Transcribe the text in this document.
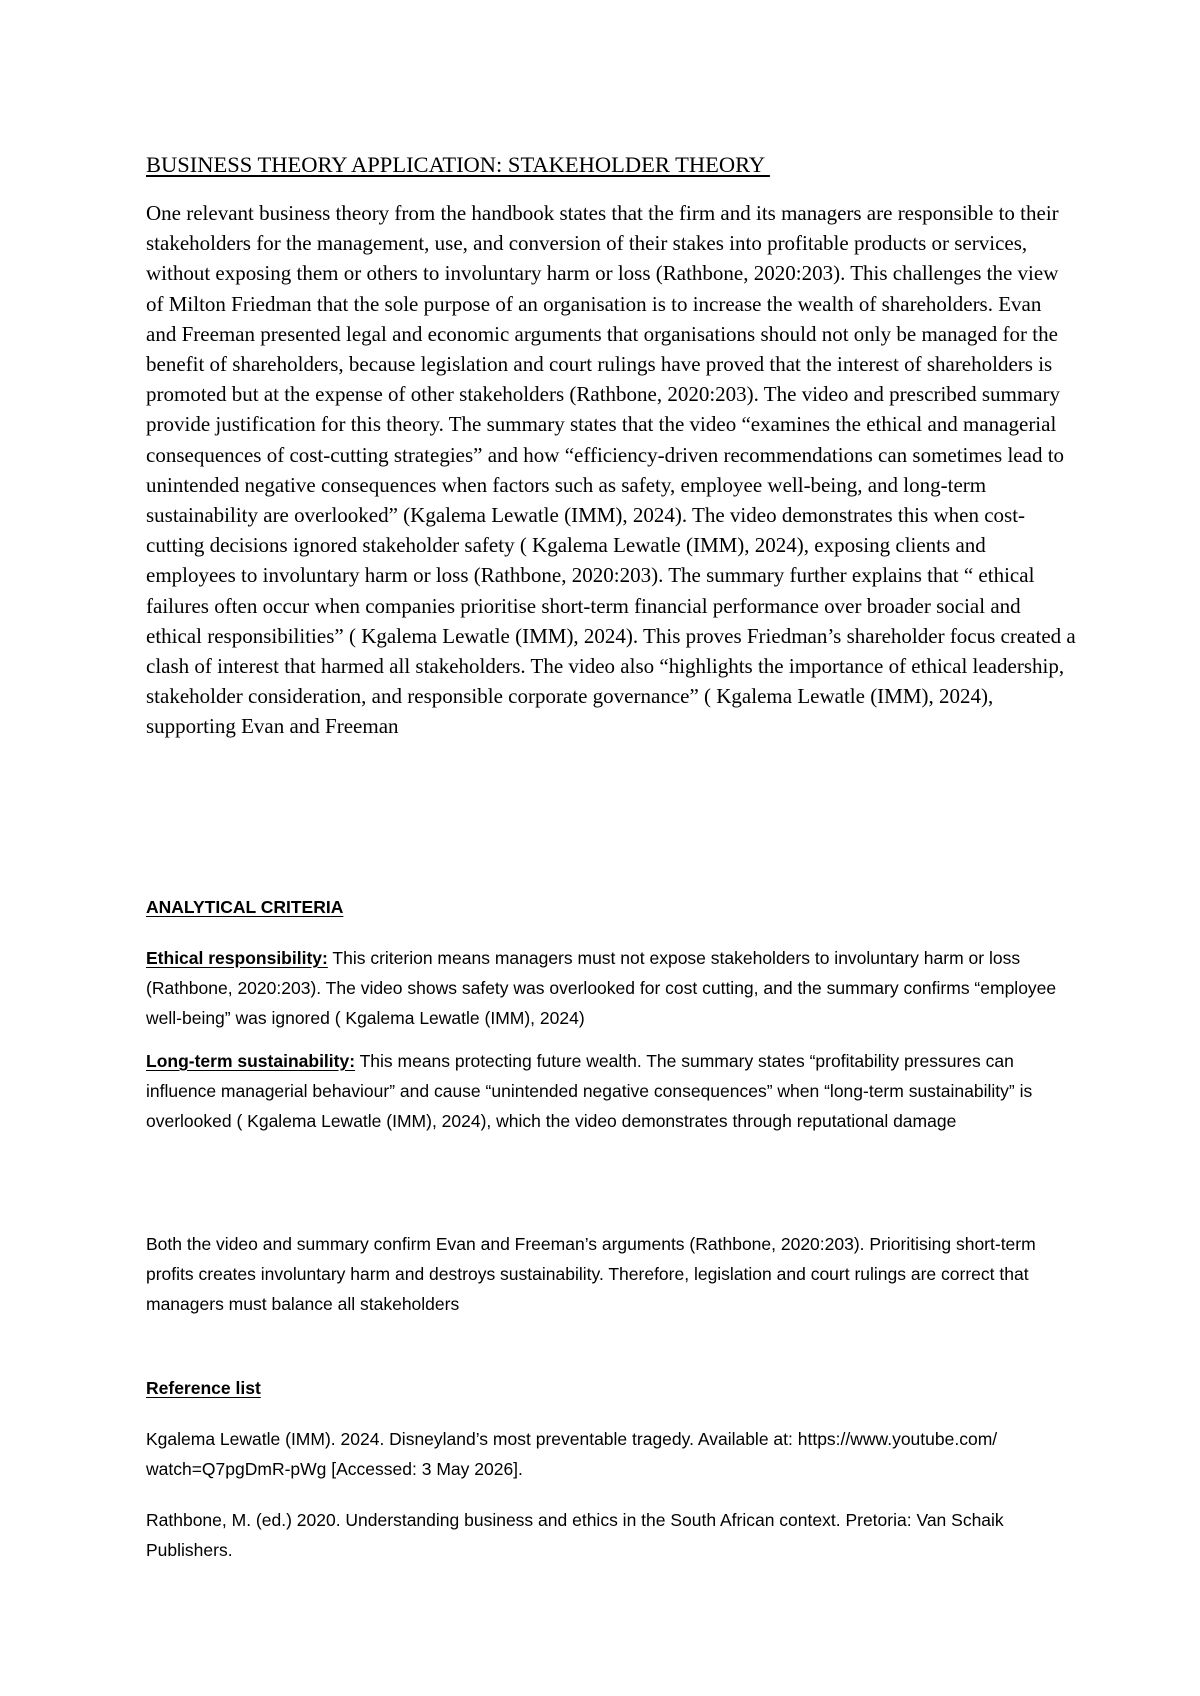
BUSINESS THEORY APPLICATION: STAKEHOLDER THEORY

One relevant business theory from the handbook states that the firm and its managers are responsible to their stakeholders for the management, use, and conversion of their stakes into profitable products or services, without exposing them or others to involuntary harm or loss (Rathbone, 2020:203). This challenges the view of Milton Friedman that the sole purpose of an organisation is to increase the wealth of shareholders. Evan and Freeman presented legal and economic arguments that organisations should not only be managed for the benefit of shareholders, because legislation and court rulings have proved that the interest of shareholders is promoted but at the expense of other stakeholders (Rathbone, 2020:203). The video and prescribed summary provide justification for this theory. The summary states that the video “examines the ethical and managerial consequences of cost-cutting strategies” and how “efficiency-driven recommendations can sometimes lead to unintended negative consequences when factors such as safety, employee well-being, and long-term sustainability are overlooked” (Kgalema Lewatle (IMM), 2024). The video demonstrates this when cost-cutting decisions ignored stakeholder safety ( Kgalema Lewatle (IMM), 2024), exposing clients and employees to involuntary harm or loss (Rathbone, 2020:203). The summary further explains that “ ethical failures often occur when companies prioritise short-term financial performance over broader social and ethical responsibilities” ( Kgalema Lewatle (IMM), 2024). This proves Friedman’s shareholder focus created a clash of interest that harmed all stakeholders. The video also “highlights the importance of ethical leadership, stakeholder consideration, and responsible corporate governance” ( Kgalema Lewatle (IMM), 2024), supporting Evan and Freeman

ANALYTICAL CRITERIA

Ethical responsibility: This criterion means managers must not expose stakeholders to involuntary harm or loss (Rathbone, 2020:203). The video shows safety was overlooked for cost cutting, and the summary confirms “employee well-being” was ignored ( Kgalema Lewatle (IMM), 2024)

Long-term sustainability: This means protecting future wealth. The summary states “profitability pressures can influence managerial behaviour” and cause “unintended negative consequences” when “long-term sustainability” is overlooked ( Kgalema Lewatle (IMM), 2024), which the video demonstrates through reputational damage

Both the video and summary confirm Evan and Freeman’s arguments (Rathbone, 2020:203). Prioritising short-term profits creates involuntary harm and destroys sustainability. Therefore, legislation and court rulings are correct that managers must balance all stakeholders

Reference list

Kgalema Lewatle (IMM). 2024. Disneyland’s most preventable tragedy. Available at: https://www.youtube.com/ watch=Q7pgDmR-pWg [Accessed: 3 May 2026].

Rathbone, M. (ed.) 2020. Understanding business and ethics in the South African context. Pretoria: Van Schaik Publishers.
